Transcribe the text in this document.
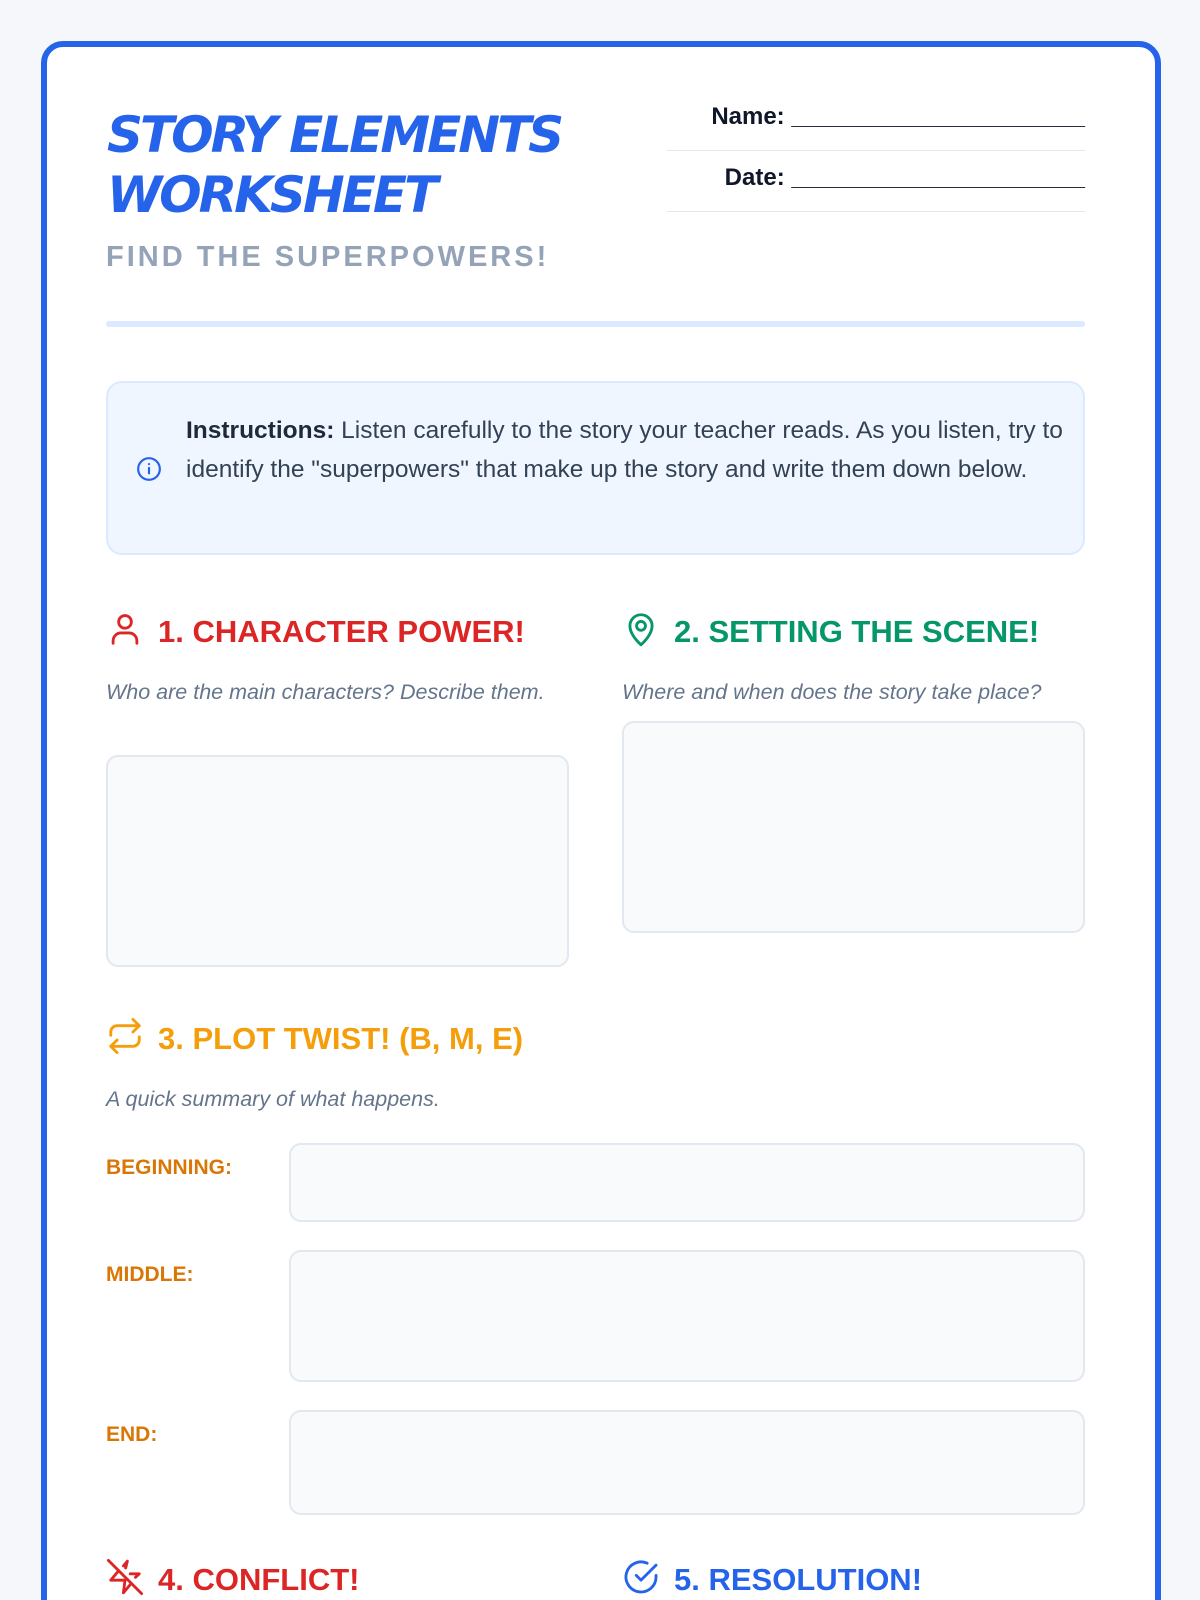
STORY ELEMENTS
WORKSHEET
FIND THE SUPERPOWERS!
Name: ______________________
Date: ______________________
Instructions: Listen carefully to the story your teacher reads. As you listen, try to identify the "superpowers" that make up the story and write them down below.
1. CHARACTER POWER!
Who are the main characters? Describe them.
2. SETTING THE SCENE!
Where and when does the story take place?
3. PLOT TWIST! (B, M, E)
A quick summary of what happens.
BEGINNING:
MIDDLE:
END:
4. CONFLICT!	5. RESOLUTION!
